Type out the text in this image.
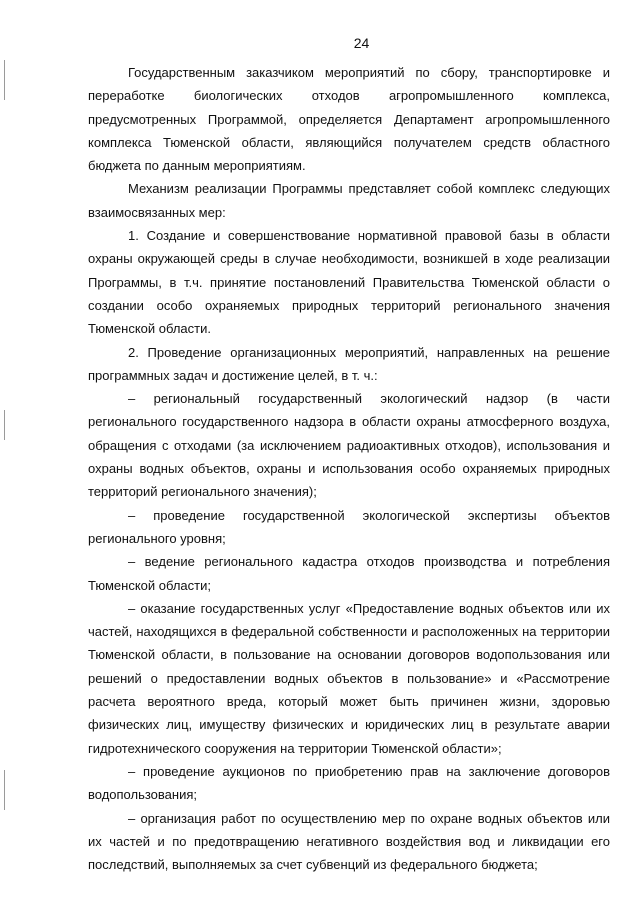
24

Государственным заказчиком мероприятий по сбору, транспортировке и переработке биологических отходов агропромышленного комплекса, предусмотренных Программой, определяется Департамент агропромышленного комплекса Тюменской области, являющийся получателем средств областного бюджета по данным мероприятиям.

Механизм реализации Программы представляет собой комплекс следующих взаимосвязанных мер:

1. Создание и совершенствование нормативной правовой базы в области охраны окружающей среды в случае необходимости, возникшей в ходе реализации Программы, в т.ч. принятие постановлений Правительства Тюменской области о создании особо охраняемых природных территорий регионального значения Тюменской области.

2. Проведение организационных мероприятий, направленных на решение программных задач и достижение целей, в т. ч.:

– региональный государственный экологический надзор (в части регионального государственного надзора в области охраны атмосферного воздуха, обращения с отходами (за исключением радиоактивных отходов), использования и охраны водных объектов, охраны и использования особо охраняемых природных территорий регионального значения);

– проведение государственной экологической экспертизы объектов регионального уровня;

– ведение регионального кадастра отходов производства и потребления Тюменской области;

– оказание государственных услуг «Предоставление водных объектов или их частей, находящихся в федеральной собственности и расположенных на территории Тюменской области, в пользование на основании договоров водопользования или решений о предоставлении водных объектов в пользование» и «Рассмотрение расчета вероятного вреда, который может быть причинен жизни, здоровью физических лиц, имуществу физических и юридических лиц в результате аварии гидротехнического сооружения на территории Тюменской области»;

– проведение аукционов по приобретению прав на заключение договоров водопользования;

– организация работ по осуществлению мер по охране водных объектов или их частей и по предотвращению негативного воздействия вод и ликвидации его последствий, выполняемых за счет субвенций из федерального бюджета;
